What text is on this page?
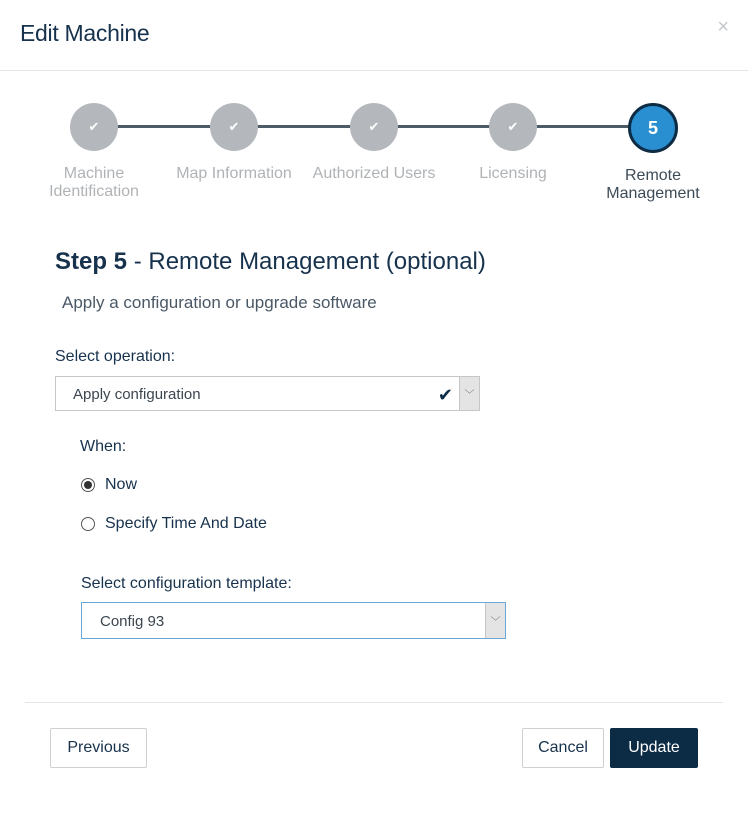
Edit Machine	×
✔
Machine
Identification
✔
Map Information
✔
Authorized Users
✔
Licensing
5
Remote
Management
Step 5 - Remote Management (optional)
Apply a configuration or upgrade software
Select operation:
Apply configuration	✔	﹀
When:
Now
Specify Time And Date
Select configuration template:
Config 93	﹀
Previous	Cancel	Update
